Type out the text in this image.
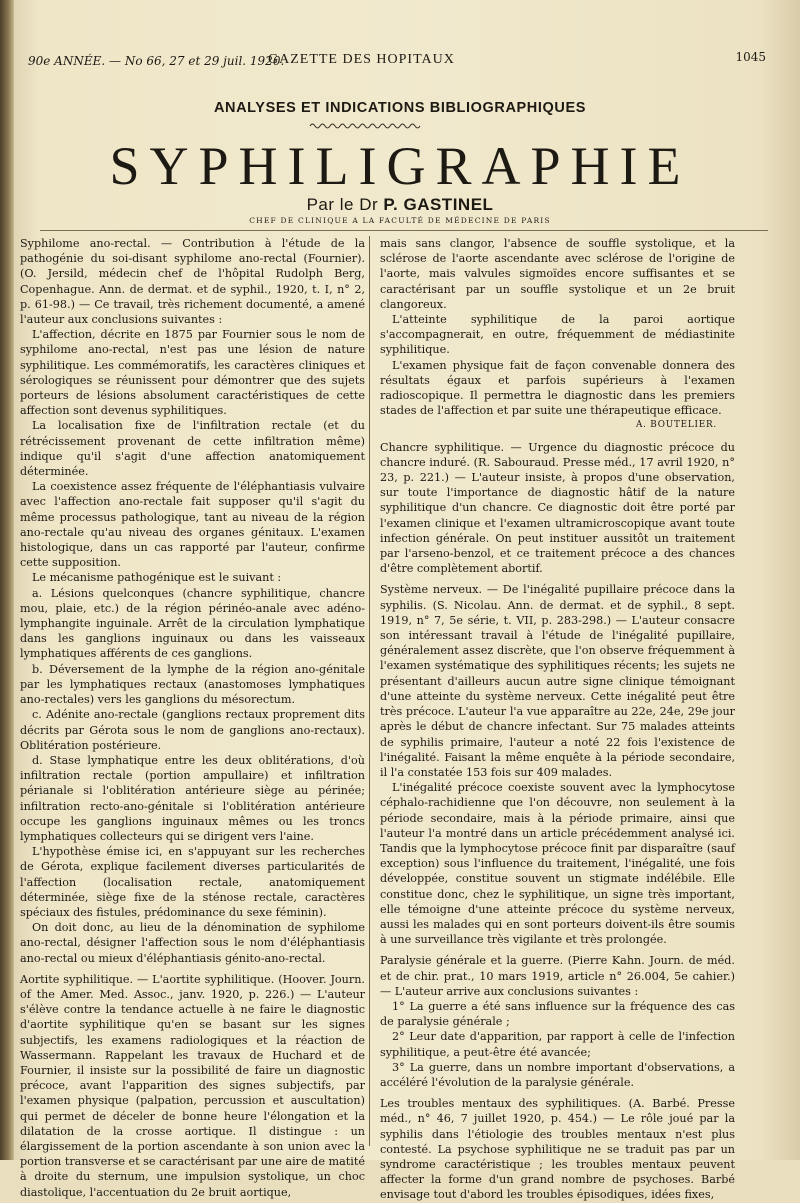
90e ANNÉE. — No 66, 27 et 29 juil. 1920.
GAZETTE DES HOPITAUX	1045
ANALYSES ET INDICATIONS BIBLIOGRAPHIQUES
SYPHILIGRAPHIE
Par le Dr P. GASTINEL
CHEF DE CLINIQUE A LA FACULTÉ DE MÉDECINE DE PARIS

Syphilome ano-rectal. — Contribution à l'étude de la pathogénie du soi-disant syphilome ano-rectal (Fournier). (O. Jersild, médecin chef de l'hôpital Rudolph Berg, Copenhague. Ann. de dermat. et de syphil., 1920, t. I, n° 2, p. 61-98.) — Ce travail, très richement documenté, a amené l'auteur aux conclusions suivantes :

L'affection, décrite en 1875 par Fournier sous le nom de syphilome ano-rectal, n'est pas une lésion de nature syphilitique. Les commémoratifs, les caractères cliniques et sérologiques se réunissent pour démontrer que des sujets porteurs de lésions absolument caractéristiques de cette affection sont devenus syphilitiques.

La localisation fixe de l'infiltration rectale (et du rétrécissement provenant de cette infiltration même) indique qu'il s'agit d'une affection anatomiquement déterminée.

La coexistence assez fréquente de l'éléphantiasis vulvaire avec l'affection ano-rectale fait supposer qu'il s'agit du même processus pathologique, tant au niveau de la région ano-rectale qu'au niveau des organes génitaux. L'examen histologique, dans un cas rapporté par l'auteur, confirme cette supposition.

Le mécanisme pathogénique est le suivant :

a. Lésions quelconques (chancre syphilitique, chancre mou, plaie, etc.) de la région périnéo-anale avec adéno-lymphangite inguinale. Arrêt de la circulation lymphatique dans les ganglions inguinaux ou dans les vaisseaux lymphatiques afférents de ces ganglions.

b. Déversement de la lymphe de la région ano-génitale par les lymphatiques rectaux (anastomoses lymphatiques ano-rectales) vers les ganglions du mésorectum.

c. Adénite ano-rectale (ganglions rectaux proprement dits décrits par Gérota sous le nom de ganglions ano-rectaux). Oblitération postérieure.

d. Stase lymphatique entre les deux oblitérations, d'où infiltration rectale (portion ampullaire) et infiltration périanale si l'oblitération antérieure siège au périnée; infiltration recto-ano-génitale si l'oblitération antérieure occupe les ganglions inguinaux mêmes ou les troncs lymphatiques collecteurs qui se dirigent vers l'aine.

L'hypothèse émise ici, en s'appuyant sur les recherches de Gérota, explique facilement diverses particularités de l'affection (localisation rectale, anatomiquement déterminée, siège fixe de la sténose rectale, caractères spéciaux des fistules, prédominance du sexe féminin).

On doit donc, au lieu de la dénomination de syphilome ano-rectal, désigner l'affection sous le nom d'éléphantiasis ano-rectal ou mieux d'éléphantiasis génito-ano-rectal.

Aortite syphilitique. — L'aortite syphilitique. (Hoover. Journ. of the Amer. Med. Assoc., janv. 1920, p. 226.) — L'auteur s'élève contre la tendance actuelle à ne faire le diagnostic d'aortite syphilitique qu'en se basant sur les signes subjectifs, les examens radiologiques et la réaction de Wassermann. Rappelant les travaux de Huchard et de Fournier, il insiste sur la possibilité de faire un diagnostic précoce, avant l'apparition des signes subjectifs, par l'examen physique (palpation, percussion et auscultation) qui permet de déceler de bonne heure l'élongation et la dilatation de la crosse aortique. Il distingue : un élargissement de la portion ascendante à son union avec la portion transverse et se caractérisant par une aire de matité à droite du sternum, une impulsion systolique, un choc diastolique, l'accentuation du 2e bruit aortique,

mais sans clangor, l'absence de souffle systolique, et la sclérose de l'aorte ascendante avec sclérose de l'origine de l'aorte, mais valvules sigmoïdes encore suffisantes et se caractérisant par un souffle systolique et un 2e bruit clangoreux.

L'atteinte syphilitique de la paroi aortique s'accompagnerait, en outre, fréquemment de médiastinite syphilitique.

L'examen physique fait de façon convenable donnera des résultats égaux et parfois supérieurs à l'examen radioscopique. Il permettra le diagnostic dans les premiers stades de l'affection et par suite une thérapeutique efficace.

A. BOUTELIER.

Chancre syphilitique. — Urgence du diagnostic précoce du chancre induré. (R. Sabouraud. Presse méd., 17 avril 1920, n° 23, p. 221.) — L'auteur insiste, à propos d'une observation, sur toute l'importance de diagnostic hâtif de la nature syphilitique d'un chancre. Ce diagnostic doit être porté par l'examen clinique et l'examen ultramicroscopique avant toute infection générale. On peut instituer aussitôt un traitement par l'arseno-benzol, et ce traitement précoce a des chances d'être complètement abortif.

Système nerveux. — De l'inégalité pupillaire précoce dans la syphilis. (S. Nicolau. Ann. de dermat. et de syphil., 8 sept. 1919, n° 7, 5e série, t. VII, p. 283-298.) — L'auteur consacre son intéressant travail à l'étude de l'inégalité pupillaire, généralement assez discrète, que l'on observe fréquemment à l'examen systématique des syphilitiques récents; les sujets ne présentant d'ailleurs aucun autre signe clinique témoignant d'une atteinte du système nerveux. Cette inégalité peut être très précoce. L'auteur l'a vue apparaître au 22e, 24e, 29e jour après le début de chancre infectant. Sur 75 malades atteints de syphilis primaire, l'auteur a noté 22 fois l'existence de l'inégalité. Faisant la même enquête à la période secondaire, il l'a constatée 153 fois sur 409 malades.

L'inégalité précoce coexiste souvent avec la lymphocytose céphalo-rachidienne que l'on découvre, non seulement à la période secondaire, mais à la période primaire, ainsi que l'auteur l'a montré dans un article précédemment analysé ici. Tandis que la lymphocytose précoce finit par disparaître (sauf exception) sous l'influence du traitement, l'inégalité, une fois développée, constitue souvent un stigmate indélébile. Elle constitue donc, chez le syphilitique, un signe très important, elle témoigne d'une atteinte précoce du système nerveux, aussi les malades qui en sont porteurs doivent-ils être soumis à une surveillance très vigilante et très prolongée.

Paralysie générale et la guerre. (Pierre Kahn. Journ. de méd. et de chir. prat., 10 mars 1919, article n° 26.004, 5e cahier.) — L'auteur arrive aux conclusions suivantes :

1° La guerre a été sans influence sur la fréquence des cas de paralysie générale ;

2° Leur date d'apparition, par rapport à celle de l'infection syphilitique, a peut-être été avancée;

3° La guerre, dans un nombre important d'observations, a accéléré l'évolution de la paralysie générale.

Les troubles mentaux des syphilitiques. (A. Barbé. Presse méd., n° 46, 7 juillet 1920, p. 454.) — Le rôle joué par la syphilis dans l'étiologie des troubles mentaux n'est plus contesté. La psychose syphilitique ne se traduit pas par un syndrome caractéristique ; les troubles mentaux peuvent affecter la forme d'un grand nombre de psychoses. Barbé envisage tout d'abord les troubles épisodiques, idées fixes,
